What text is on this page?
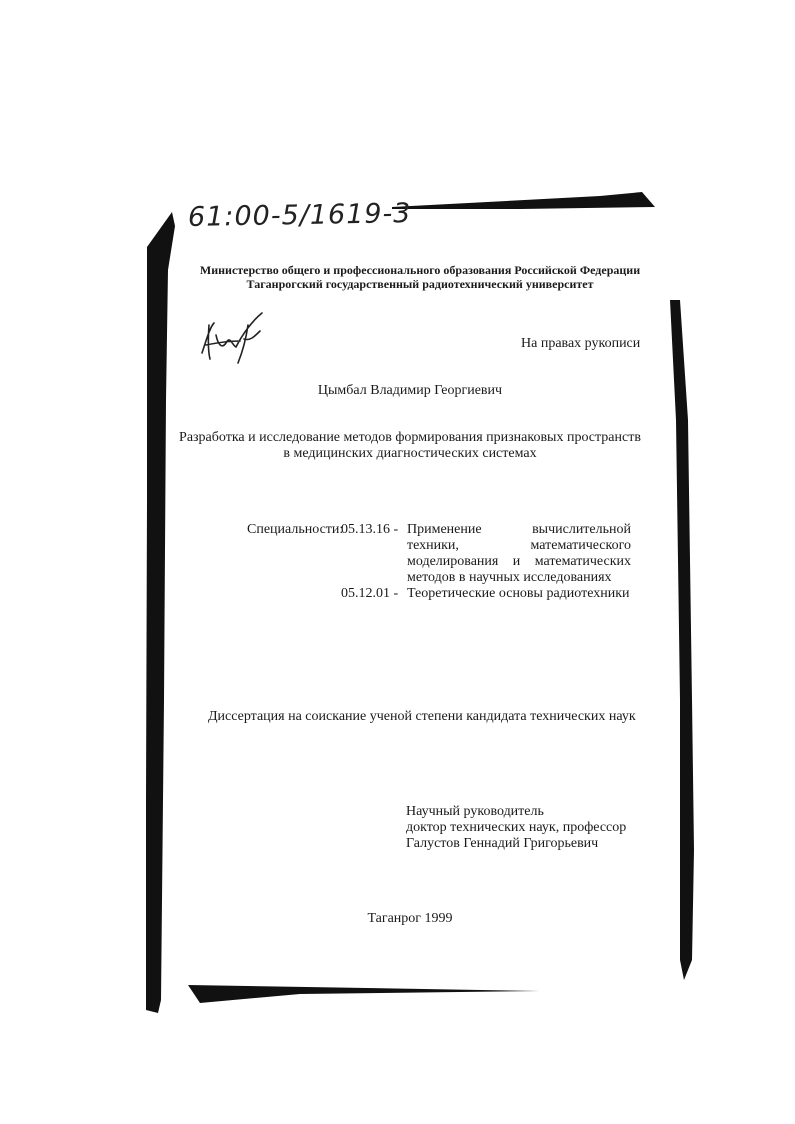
61:00-5/1619-3
Министерство общего и профессионального образования Российской Федерации
Таганрогский государственный радиотехнический университет
На правах рукописи
Цымбал Владимир Георгиевич
Разработка и исследование методов формирования признаковых пространств
в медицинских диагностических системах
Специальности:
05.13.16 - Применение вычислительной техники, математического моделирования и математических методов в научных исследованиях
05.12.01 - Теоретические основы радиотехники
Диссертация на соискание ученой степени кандидата технических наук
Научный руководитель
доктор технических наук, профессор
Галустов Геннадий Григорьевич
Таганрог 1999
